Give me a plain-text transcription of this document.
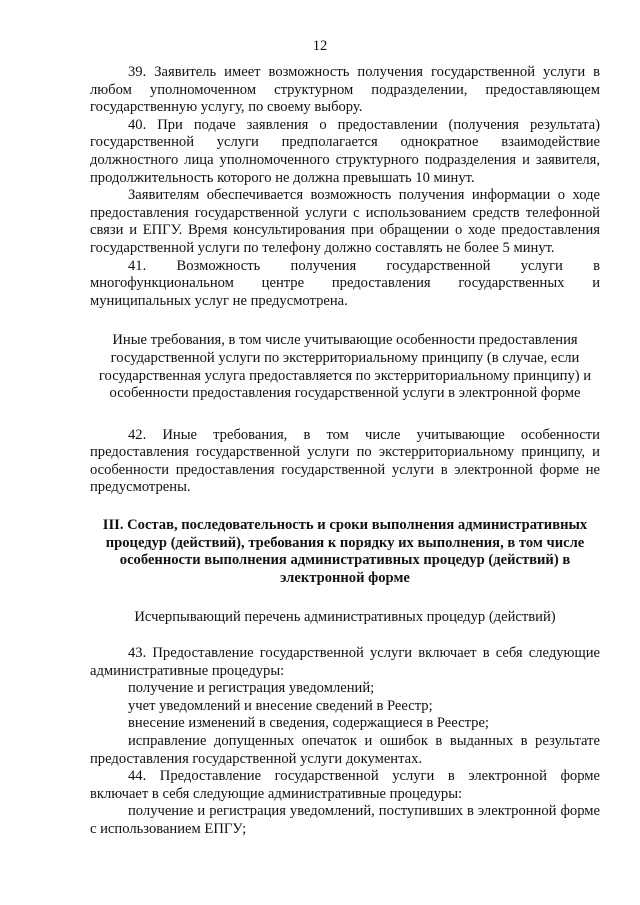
12

39. Заявитель имеет возможность получения государственной услуги в любом уполномоченном структурном подразделении, предоставляющем государственную услугу, по своему выбору.

40. При подаче заявления о предоставлении (получения результата) государственной услуги предполагается однократное взаимодействие должностного лица уполномоченного структурного подразделения и заявителя, продолжительность которого не должна превышать 10 минут.

Заявителям обеспечивается возможность получения информации о ходе предоставления государственной услуги с использованием средств телефонной связи и ЕПГУ. Время консультирования при обращении о ходе предоставления государственной услуги по телефону должно составлять не более 5 минут.

41. Возможность получения государственной услуги в многофункциональном центре предоставления государственных и муниципальных услуг не предусмотрена.

Иные требования, в том числе учитывающие особенности предоставления государственной услуги по экстерриториальному принципу (в случае, если государственная услуга предоставляется по экстерриториальному принципу) и особенности предоставления государственной услуги в электронной форме

42. Иные требования, в том числе учитывающие особенности предоставления государственной услуги по экстерриториальному принципу, и особенности предоставления государственной услуги в электронной форме не предусмотрены.

III. Состав, последовательность и сроки выполнения административных процедур (действий), требования к порядку их выполнения, в том числе особенности выполнения административных процедур (действий) в электронной форме

Исчерпывающий перечень административных процедур (действий)

43. Предоставление государственной услуги включает в себя следующие административные процедуры:

получение и регистрация уведомлений;

учет уведомлений и внесение сведений в Реестр;

внесение изменений в сведения, содержащиеся в Реестре;

исправление допущенных опечаток и ошибок в выданных в результате предоставления государственной услуги документах.

44. Предоставление государственной услуги в электронной форме включает в себя следующие административные процедуры:

получение и регистрация уведомлений, поступивших в электронной форме с использованием ЕПГУ;
